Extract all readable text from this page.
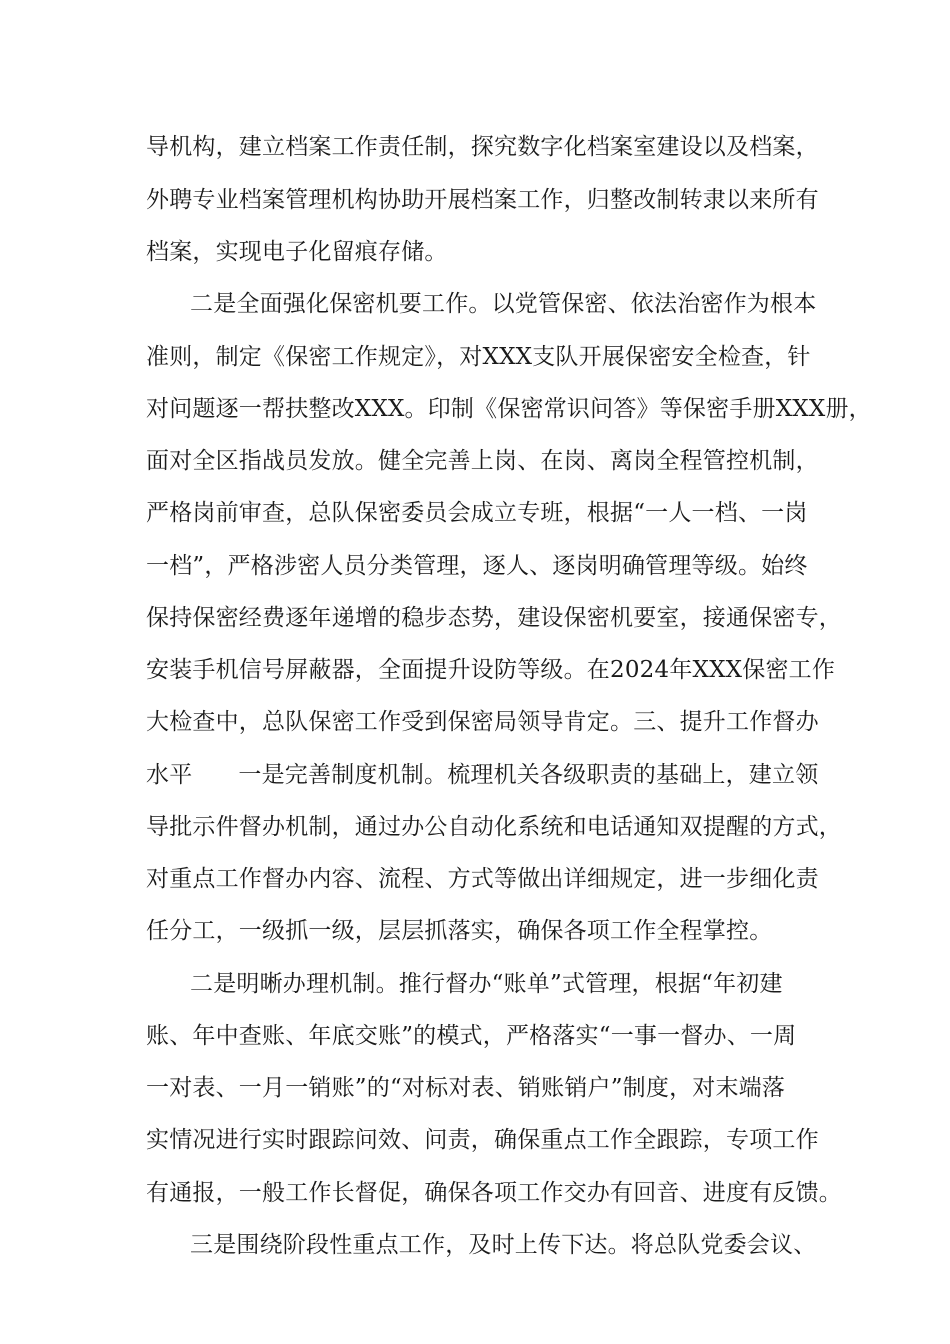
导机构，建立档案工作责任制，探究数字化档案室建设以及档案，
外聘专业档案管理机构协助开展档案工作，归整改制转隶以来所有
档案，实现电子化留痕存储。
二是全面强化保密机要工作。以党管保密、依法治密作为根本
准则，制定《保密工作规定》，对XXX支队开展保密安全检查，针
对问题逐一帮扶整改XXX。印制《保密常识问答》等保密手册XXX册，
面对全区指战员发放。健全完善上岗、在岗、离岗全程管控机制，
严格岗前审查，总队保密委员会成立专班，根据“一人一档、一岗
一档”，严格涉密人员分类管理，逐人、逐岗明确管理等级。始终
保持保密经费逐年递增的稳步态势，建设保密机要室，接通保密专，
安装手机信号屏蔽器，全面提升设防等级。在2024年XXX保密工作
大检查中，总队保密工作受到保密局领导肯定。三、提升工作督办
水平 一是完善制度机制。梳理机关各级职责的基础上，建立领
导批示件督办机制，通过办公自动化系统和电话通知双提醒的方式，
对重点工作督办内容、流程、方式等做出详细规定，进一步细化责
任分工，一级抓一级，层层抓落实，确保各项工作全程掌控。
二是明晰办理机制。推行督办“账单”式管理，根据“年初建
账、年中查账、年底交账”的模式，严格落实“一事一督办、一周
一对表、一月一销账”的“对标对表、销账销户”制度，对末端落
实情况进行实时跟踪问效、问责，确保重点工作全跟踪，专项工作
有通报，一般工作长督促，确保各项工作交办有回音、进度有反馈。
三是围绕阶段性重点工作，及时上传下达。将总队党委会议、
